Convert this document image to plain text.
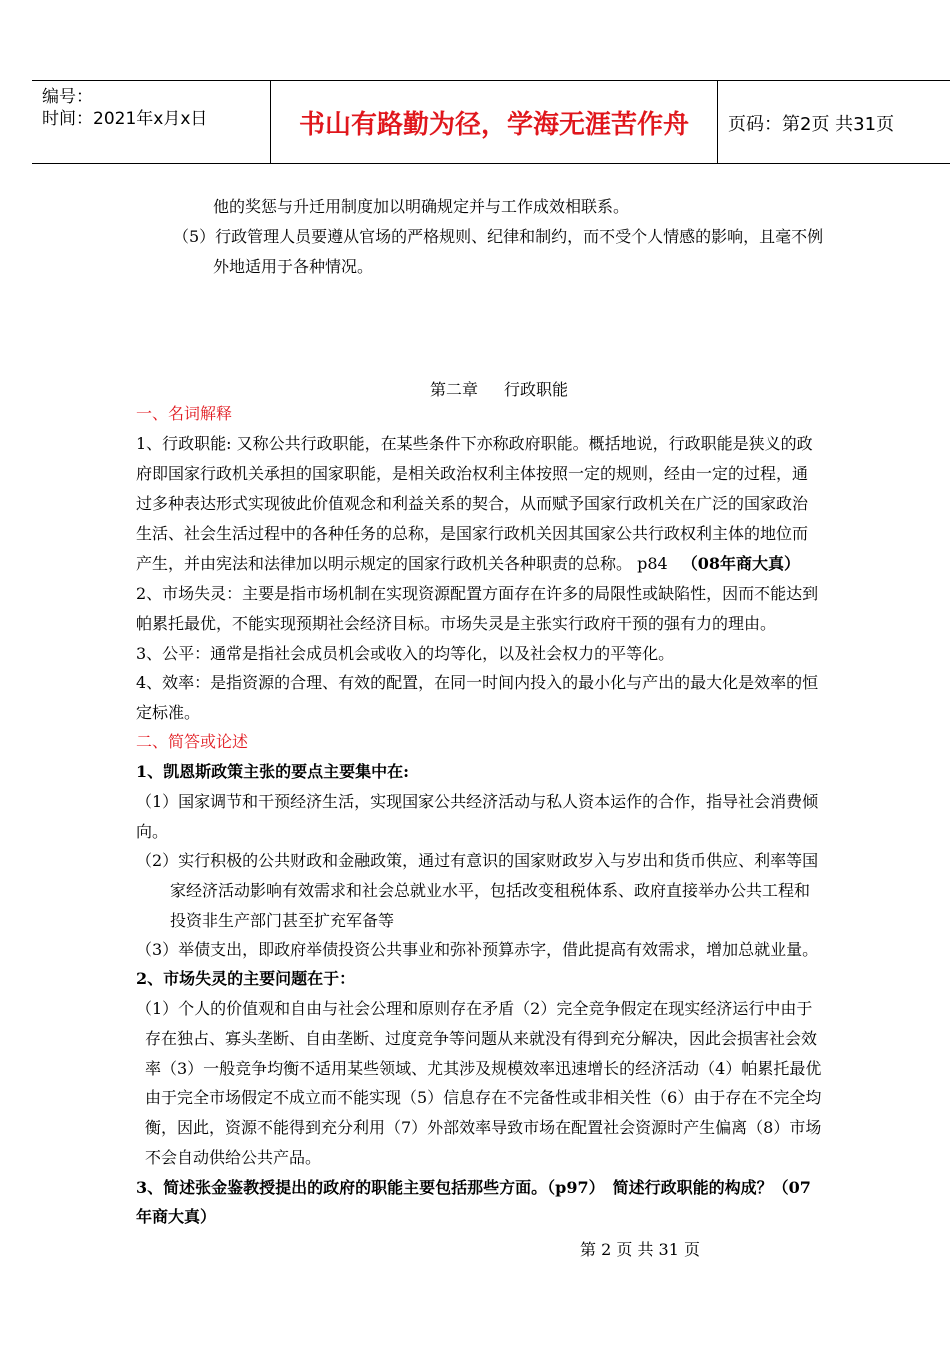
编号：
时间：2021年x月x日	书山有路勤为径，学海无涯苦作舟	页码：第2页 共31页
他的奖惩与升迁用制度加以明确规定并与工作成效相联系。
（5）行政管理人员要遵从官场的严格规则、纪律和制约，而不受个人情感的影响，且毫不例
外地适用于各种情况。
第二章 行政职能
一、名词解释
1、行政职能: 又称公共行政职能，在某些条件下亦称政府职能。概括地说，行政职能是狭义的政
府即国家行政机关承担的国家职能，是相关政治权利主体按照一定的规则，经由一定的过程，通
过多种表达形式实现彼此价值观念和利益关系的契合，从而赋予国家行政机关在广泛的国家政治
生活、社会生活过程中的各种任务的总称，是国家行政机关因其国家公共行政权利主体的地位而
产生，并由宪法和法律加以明示规定的国家行政机关各种职责的总称。 p84 （08年商大真）
2、市场失灵：主要是指市场机制在实现资源配置方面存在许多的局限性或缺陷性，因而不能达到
帕累托最优，不能实现预期社会经济目标。市场失灵是主张实行政府干预的强有力的理由。
3、公平：通常是指社会成员机会或收入的均等化，以及社会权力的平等化。
4、效率：是指资源的合理、有效的配置，在同一时间内投入的最小化与产出的最大化是效率的恒
定标准。
二、简答或论述
1、凯恩斯政策主张的要点主要集中在:
（1）国家调节和干预经济生活，实现国家公共经济活动与私人资本运作的合作，指导社会消费倾
向。
（2）实行积极的公共财政和金融政策，通过有意识的国家财政岁入与岁出和货币供应、利率等国
家经济活动影响有效需求和社会总就业水平，包括改变租税体系、政府直接举办公共工程和
投资非生产部门甚至扩充军备等
（3）举债支出，即政府举债投资公共事业和弥补预算赤字，借此提高有效需求，增加总就业量。
2、市场失灵的主要问题在于：
（1）个人的价值观和自由与社会公理和原则存在矛盾（2）完全竞争假定在现实经济运行中由于
存在独占、寡头垄断、自由垄断、过度竞争等问题从来就没有得到充分解决，因此会损害社会效
率（3）一般竞争均衡不适用某些领域、尤其涉及规模效率迅速增长的经济活动（4）帕累托最优
由于完全市场假定不成立而不能实现（5）信息存在不完备性或非相关性（6）由于存在不完全均
衡，因此，资源不能得到充分利用（7）外部效率导致市场在配置社会资源时产生偏离（8）市场
不会自动供给公共产品。
3、简述张金鉴教授提出的政府的职能主要包括那些方面。（p97）　简述行政职能的构成？（07
年商大真）
第 2 页 共 31 页
